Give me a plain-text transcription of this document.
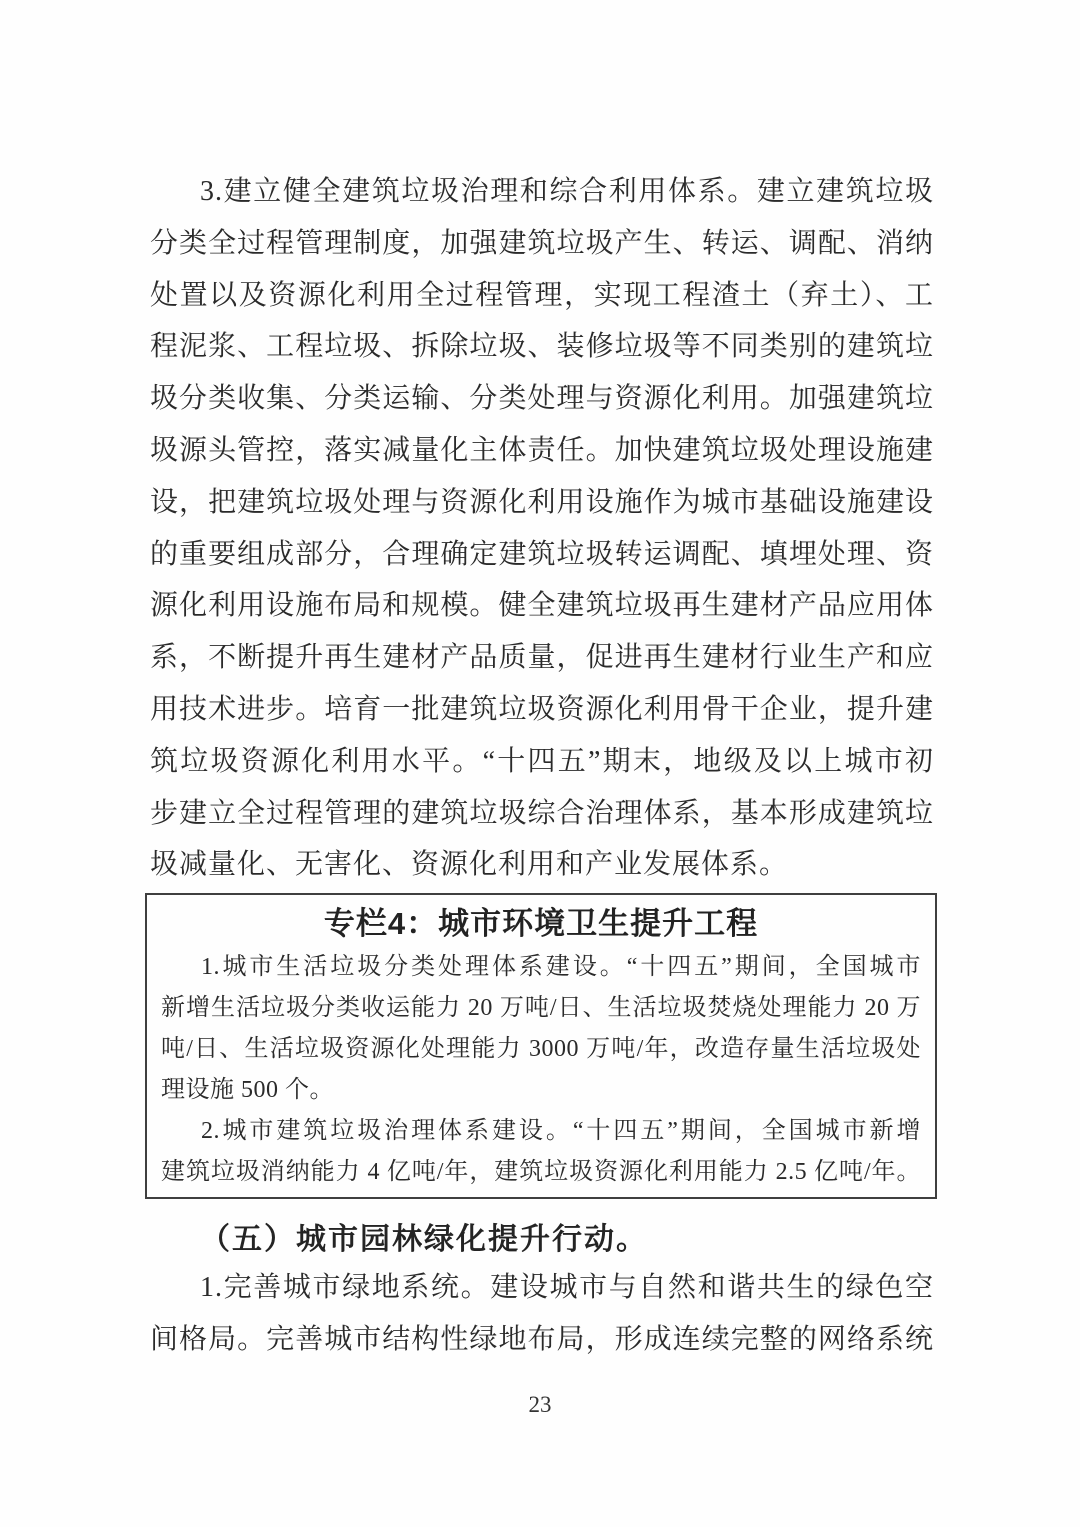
3.建立健全建筑垃圾治理和综合利用体系。建立建筑垃圾
分类全过程管理制度，加强建筑垃圾产生、转运、调配、消纳
处置以及资源化利用全过程管理，实现工程渣土（弃土）、工
程泥浆、工程垃圾、拆除垃圾、装修垃圾等不同类别的建筑垃
圾分类收集、分类运输、分类处理与资源化利用。加强建筑垃
圾源头管控，落实减量化主体责任。加快建筑垃圾处理设施建
设，把建筑垃圾处理与资源化利用设施作为城市基础设施建设
的重要组成部分，合理确定建筑垃圾转运调配、填埋处理、资
源化利用设施布局和规模。健全建筑垃圾再生建材产品应用体
系，不断提升再生建材产品质量，促进再生建材行业生产和应
用技术进步。培育一批建筑垃圾资源化利用骨干企业，提升建
筑垃圾资源化利用水平。“十四五”期末，地级及以上城市初
步建立全过程管理的建筑垃圾综合治理体系，基本形成建筑垃
圾减量化、无害化、资源化利用和产业发展体系。
专栏4：城市环境卫生提升工程
1.城市生活垃圾分类处理体系建设。“十四五”期间，全国城市
新增生活垃圾分类收运能力 20 万吨/日、生活垃圾焚烧处理能力 20 万
吨/日、生活垃圾资源化处理能力 3000 万吨/年，改造存量生活垃圾处
理设施 500 个。
2.城市建筑垃圾治理体系建设。“十四五”期间，全国城市新增
建筑垃圾消纳能力 4 亿吨/年，建筑垃圾资源化利用能力 2.5 亿吨/年。
（五）城市园林绿化提升行动。
1.完善城市绿地系统。建设城市与自然和谐共生的绿色空
间格局。完善城市结构性绿地布局，形成连续完整的网络系统
23
